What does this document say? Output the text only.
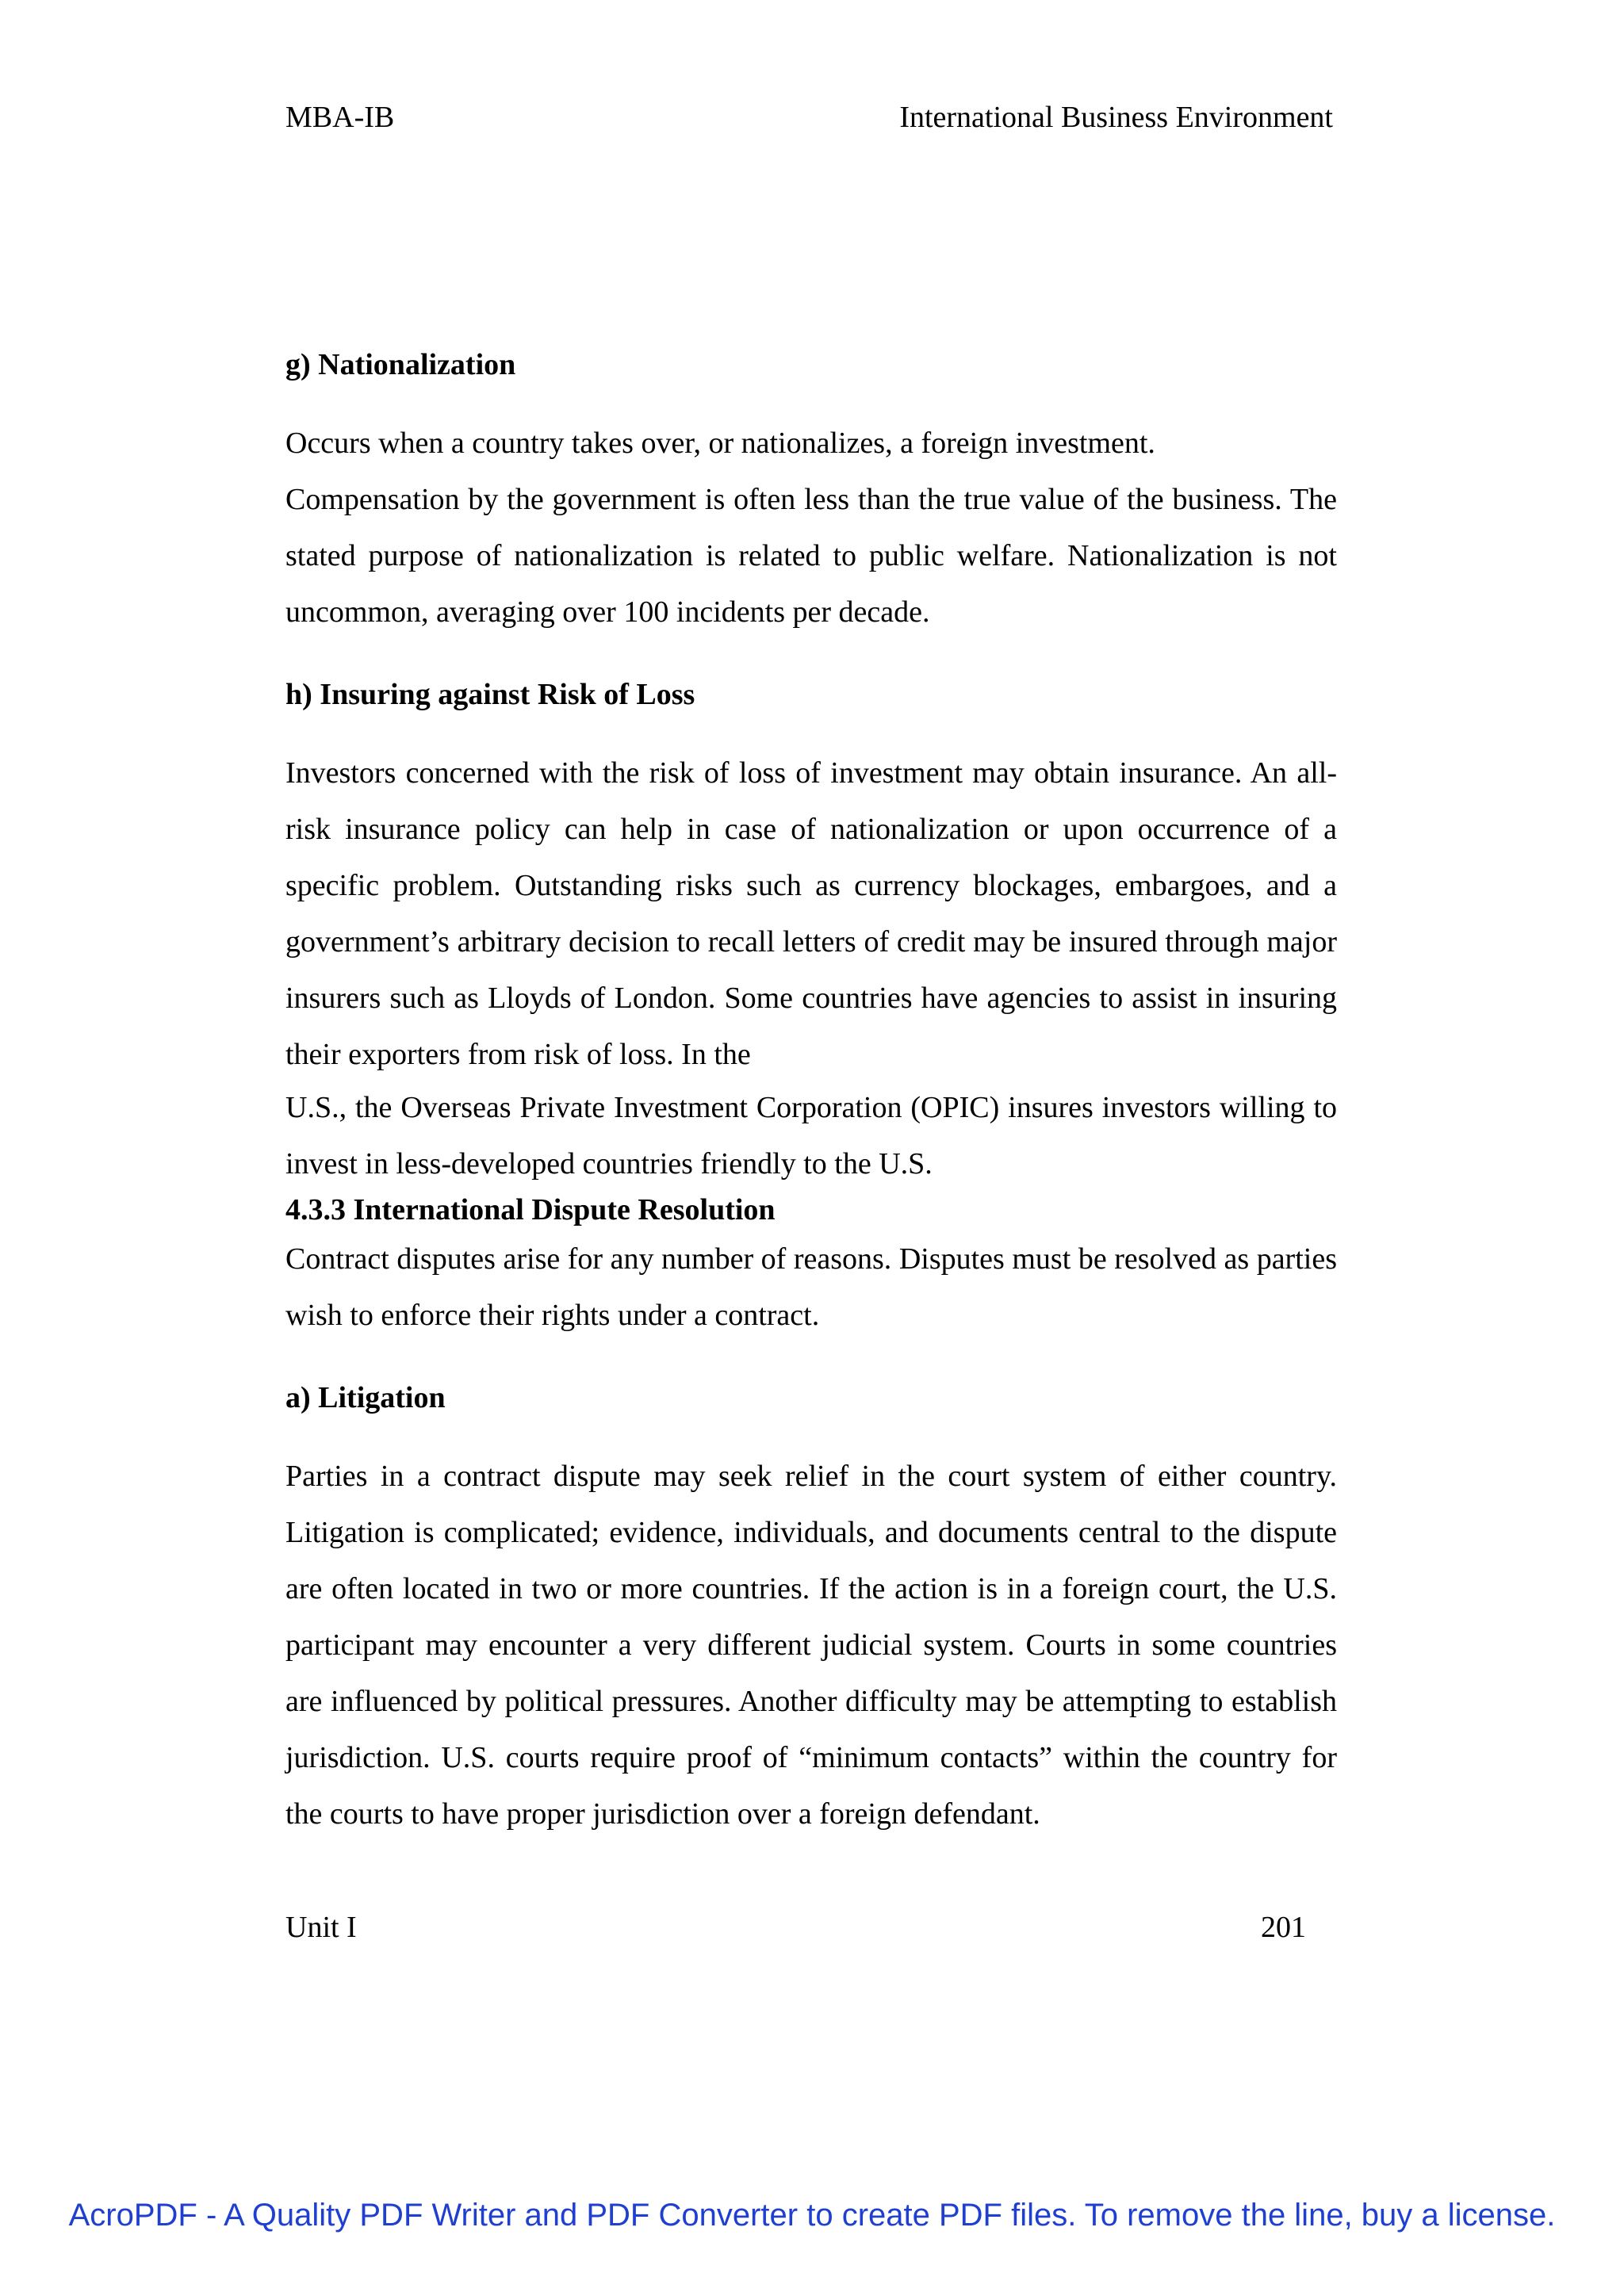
MBA-IB	International Business Environment
g) Nationalization

Occurs when a country takes over, or nationalizes, a foreign investment.

Compensation by the government is often less than the true value of the business. The stated purpose of nationalization is related to public welfare. Nationalization is not uncommon, averaging over 100 incidents per decade.

h) Insuring against Risk of Loss

Investors concerned with the risk of loss of investment may obtain insurance. An all-risk insurance policy can help in case of nationalization or upon occurrence of a specific problem. Outstanding risks such as currency blockages, embargoes, and a government’s arbitrary decision to recall letters of credit may be insured through major insurers such as Lloyds of London. Some countries have agencies to assist in insuring their exporters from risk of loss. In the

U.S., the Overseas Private Investment Corporation (OPIC) insures investors willing to invest in less-developed countries friendly to the U.S.

4.3.3 International Dispute Resolution

Contract disputes arise for any number of reasons. Disputes must be resolved as parties wish to enforce their rights under a contract.

a) Litigation

Parties in a contract dispute may seek relief in the court system of either country. Litigation is complicated; evidence, individuals, and documents central to the dispute are often located in two or more countries. If the action is in a foreign court, the U.S. participant may encounter a very different judicial system. Courts in some countries are influenced by political pressures. Another difficulty may be attempting to establish jurisdiction. U.S. courts require proof of “minimum contacts” within the country for the courts to have proper jurisdiction over a foreign defendant.

Unit I	201
AcroPDF - A Quality PDF Writer and PDF Converter to create PDF files. To remove the line, buy a license.
